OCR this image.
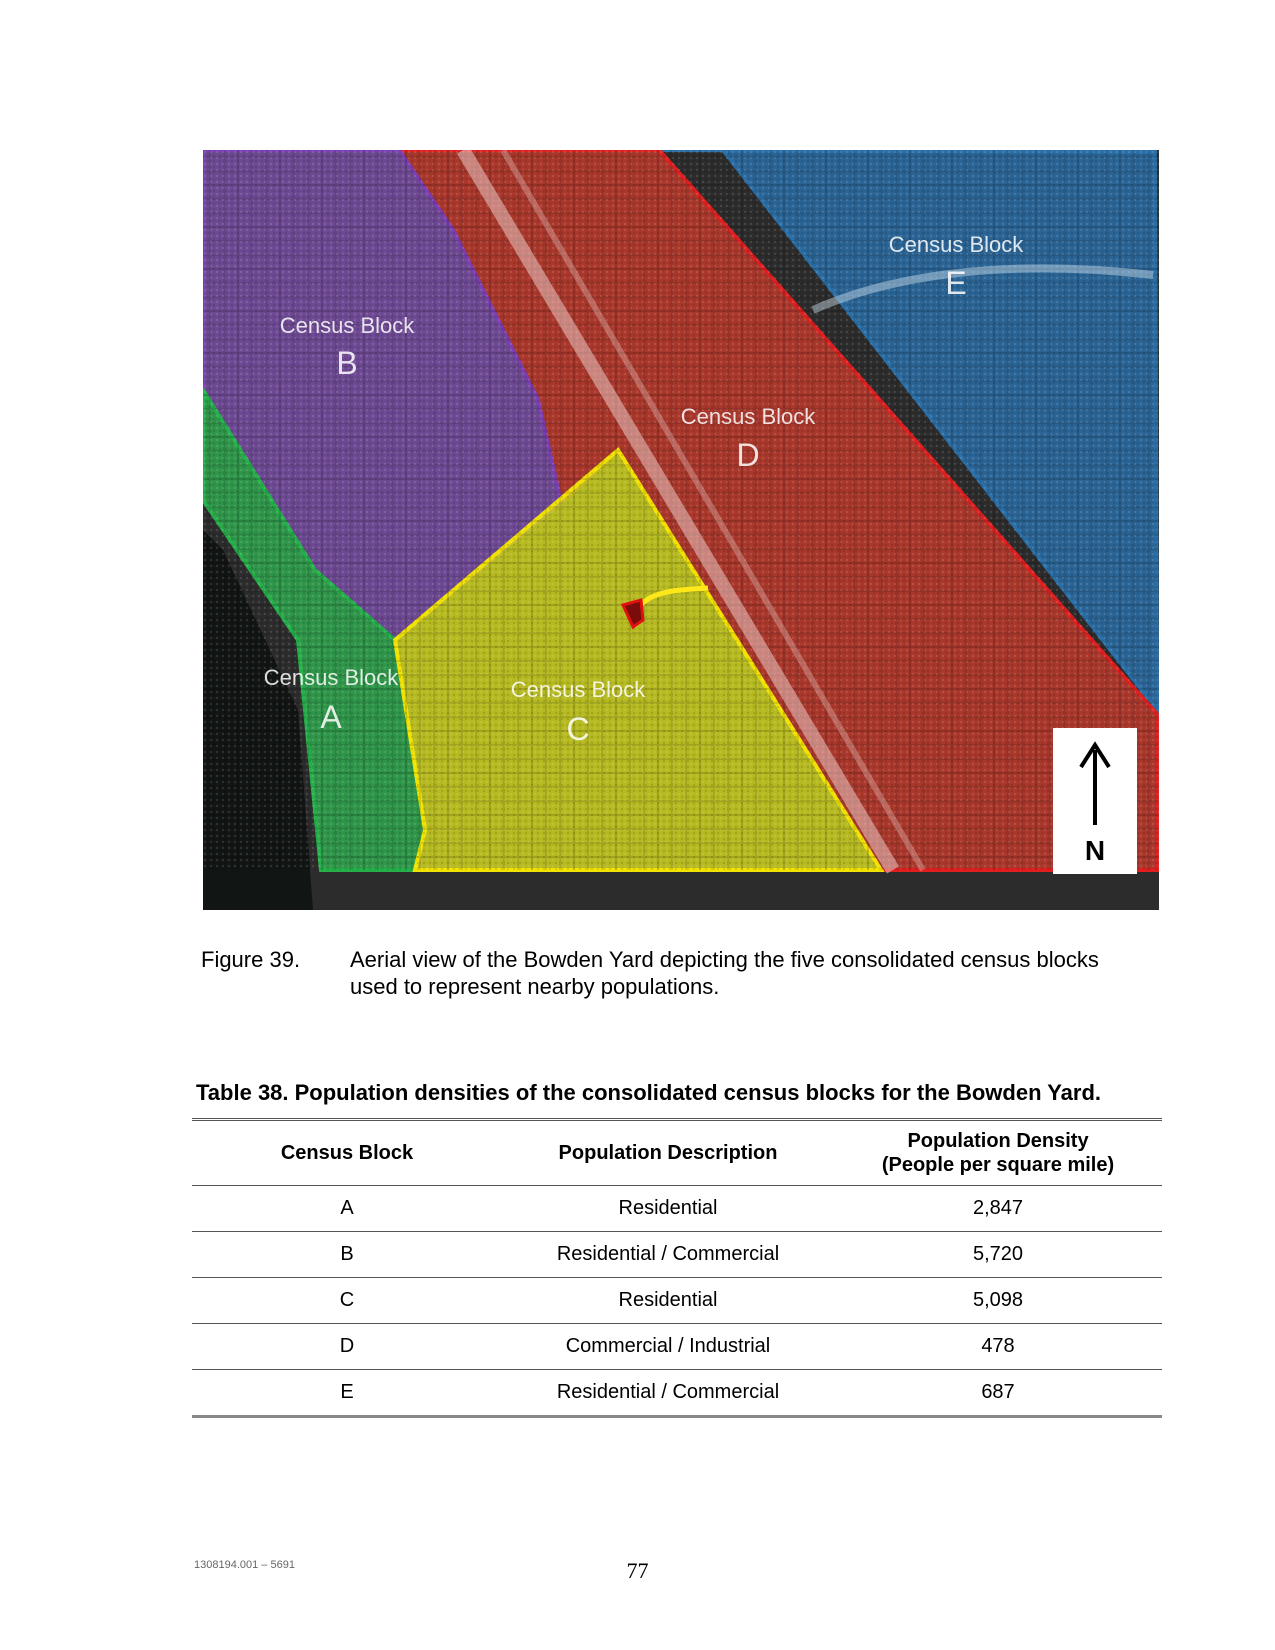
Census Block
B
Census Block
E
Census Block
D
Census Block
A
Census Block
C
N
Figure 39. Aerial view of the Bowden Yard depicting the five consolidated census blocks used to represent nearby populations.
Table 38. Population densities of the consolidated census blocks for the Bowden Yard.
Census Block	Population Description	Population Density
(People per square mile)
A	Residential	2,847
B	Residential / Commercial	5,720
C	Residential	5,098
D	Commercial / Industrial	478
E	Residential / Commercial	687
1308194.001 – 5691	77
